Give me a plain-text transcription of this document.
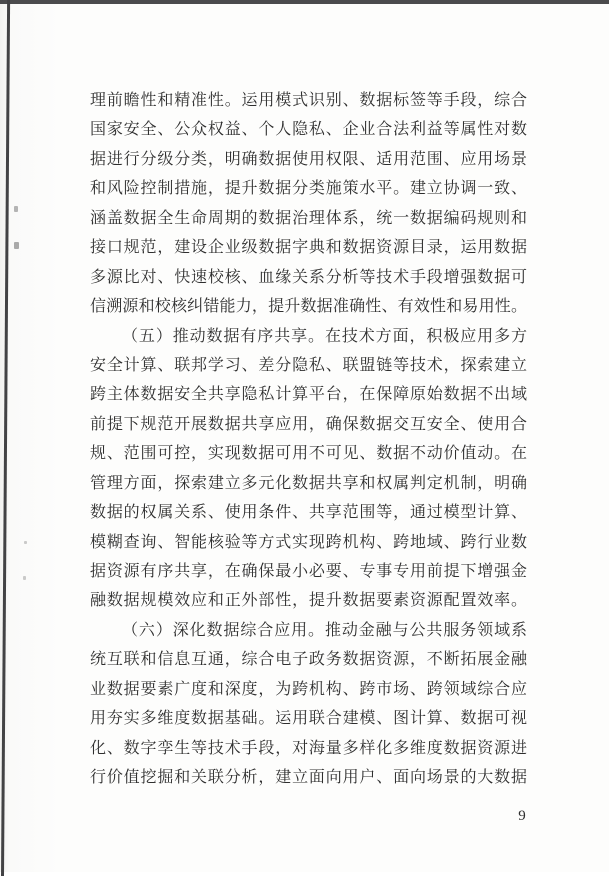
理前瞻性和精准性。运用模式识别、数据标签等手段，综合
国家安全、公众权益、个人隐私、企业合法利益等属性对数
据进行分级分类，明确数据使用权限、适用范围、应用场景
和风险控制措施，提升数据分类施策水平。建立协调一致、
涵盖数据全生命周期的数据治理体系，统一数据编码规则和
接口规范，建设企业级数据字典和数据资源目录，运用数据
多源比对、快速校核、血缘关系分析等技术手段增强数据可
信溯源和校核纠错能力，提升数据准确性、有效性和易用性。
（五）推动数据有序共享。在技术方面，积极应用多方
安全计算、联邦学习、差分隐私、联盟链等技术，探索建立
跨主体数据安全共享隐私计算平台，在保障原始数据不出域
前提下规范开展数据共享应用，确保数据交互安全、使用合
规、范围可控，实现数据可用不可见、数据不动价值动。在
管理方面，探索建立多元化数据共享和权属判定机制，明确
数据的权属关系、使用条件、共享范围等，通过模型计算、
模糊查询、智能核验等方式实现跨机构、跨地域、跨行业数
据资源有序共享，在确保最小必要、专事专用前提下增强金
融数据规模效应和正外部性，提升数据要素资源配置效率。
（六）深化数据综合应用。推动金融与公共服务领域系
统互联和信息互通，综合电子政务数据资源，不断拓展金融
业数据要素广度和深度，为跨机构、跨市场、跨领域综合应
用夯实多维度数据基础。运用联合建模、图计算、数据可视
化、数字孪生等技术手段，对海量多样化多维度数据资源进
行价值挖掘和关联分析，建立面向用户、面向场景的大数据
9
